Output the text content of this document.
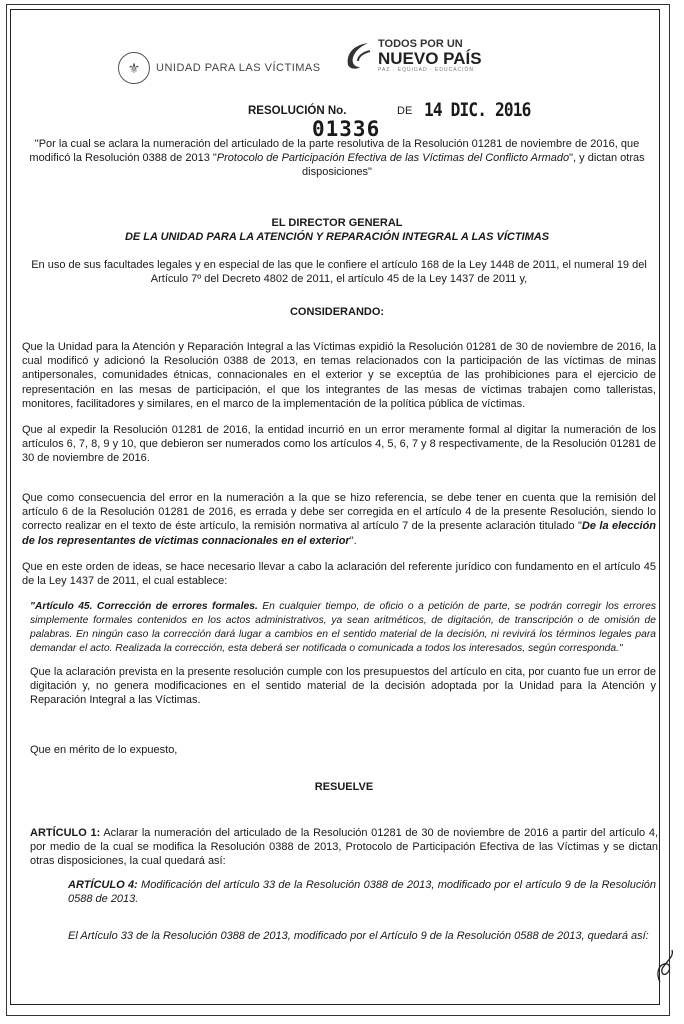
⚜	UNIDAD PARA LAS VÍCTIMAS
TODOS POR UN
NUEVO PAÍS
PAZ · EQUIDAD · EDUCACIÓN
RESOLUCIÓN No.
01336
DE 14 DIC. 2016

"Por la cual se aclara la numeración del articulado de la parte resolutiva de la Resolución 01281 de noviembre de 2016, que modificó la Resolución 0388 de 2013 "Protocolo de Participación Efectiva de las Víctimas del Conflicto Armado", y dictan otras disposiciones"

EL DIRECTOR GENERAL

DE LA UNIDAD PARA LA ATENCIÓN Y REPARACIÓN INTEGRAL A LAS VÍCTIMAS

En uso de sus facultades legales y en especial de las que le confiere el artículo 168 de la Ley 1448 de 2011, el numeral 19 del Artículo 7º del Decreto 4802 de 2011, el artículo 45 de la Ley 1437 de 2011 y,

CONSIDERANDO:

Que la Unidad para la Atención y Reparación Integral a las Víctimas expidió la Resolución 01281 de 30 de noviembre de 2016, la cual modificó y adicionó la Resolución 0388 de 2013, en temas relacionados con la participación de las víctimas de minas antipersonales, comunidades étnicas, connacionales en el exterior y se exceptúa de las prohibiciones para el ejercicio de representación en las mesas de participación, el que los integrantes de las mesas de víctimas trabajen como talleristas, monitores, facilitadores y similares, en el marco de la implementación de la política pública de víctimas.

Que al expedir la Resolución 01281 de 2016, la entidad incurrió en un error meramente formal al digitar la numeración de los artículos 6, 7, 8, 9 y 10, que debieron ser numerados como los artículos 4, 5, 6, 7 y 8 respectivamente, de la Resolución 01281 de 30 de noviembre de 2016.

Que como consecuencia del error en la numeración a la que se hizo referencia, se debe tener en cuenta que la remisión del artículo 6 de la Resolución 01281 de 2016, es errada y debe ser corregida en el artículo 4 de la presente Resolución, siendo lo correcto realizar en el texto de éste artículo, la remisión normativa al artículo 7 de la presente aclaración titulado "De la elección de los representantes de víctimas connacionales en el exterior".

Que en este orden de ideas, se hace necesario llevar a cabo la aclaración del referente jurídico con fundamento en el artículo 45 de la Ley 1437 de 2011, el cual establece:

"Artículo 45. Corrección de errores formales. En cualquier tiempo, de oficio o a petición de parte, se podrán corregir los errores simplemente formales contenidos en los actos administrativos, ya sean aritméticos, de digitación, de transcripción o de omisión de palabras. En ningún caso la corrección dará lugar a cambios en el sentido material de la decisión, ni revivirá los términos legales para demandar el acto. Realizada la corrección, esta deberá ser notificada o comunicada a todos los interesados, según corresponda."

Que la aclaración prevista en la presente resolución cumple con los presupuestos del artículo en cita, por cuanto fue un error de digitación y, no genera modificaciones en el sentido material de la decisión adoptada por la Unidad para la Atención y Reparación Integral a las Víctimas.

Que en mérito de lo expuesto,

RESUELVE

ARTÍCULO 1: Aclarar la numeración del articulado de la Resolución 01281 de 30 de noviembre de 2016 a partir del artículo 4, por medio de la cual se modifica la Resolución 0388 de 2013, Protocolo de Participación Efectiva de las Víctimas y se dictan otras disposiciones, la cual quedará así:

ARTÍCULO 4: Modificación del artículo 33 de la Resolución 0388 de 2013, modificado por el artículo 9 de la Resolución 0588 de 2013.

El Artículo 33 de la Resolución 0388 de 2013, modificado por el Artículo 9 de la Resolución 0588 de 2013, quedará así:
